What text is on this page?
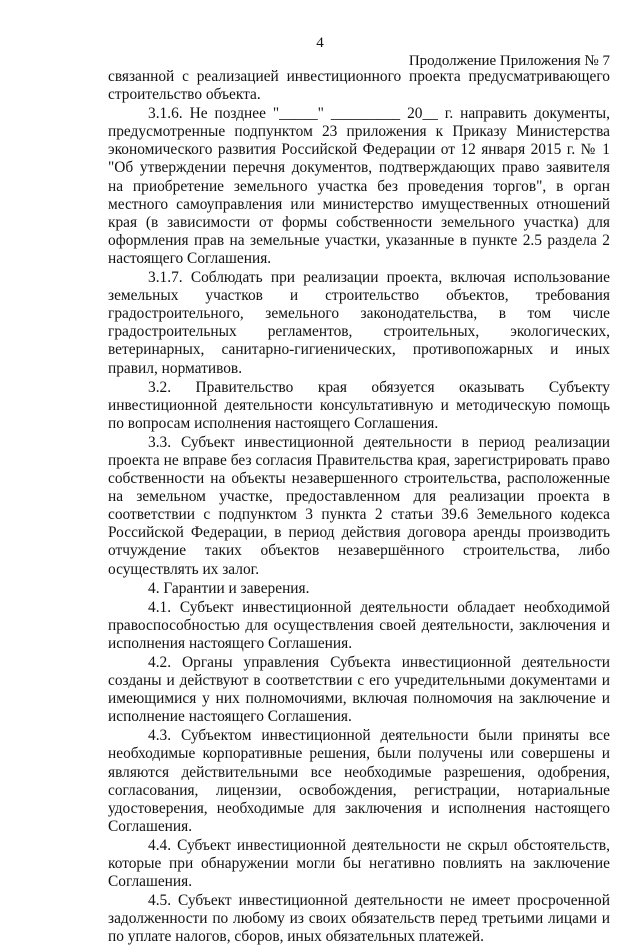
4
Продолжение Приложения № 7

связанной с реализацией инвестиционного проекта предусматривающего строительство объекта.

3.1.6. Не позднее "_____" _________ 20__ г. направить документы, предусмотренные подпунктом 23 приложения к Приказу Министерства экономического развития Российской Федерации от 12 января 2015 г. № 1 "Об утверждении перечня документов, подтверждающих право заявителя на приобретение земельного участка без проведения торгов", в орган местного самоуправления или министерство имущественных отношений края (в зависимости от формы собственности земельного участка) для оформления прав на земельные участки, указанные в пункте 2.5 раздела 2 настоящего Соглашения.

3.1.7. Соблюдать при реализации проекта, включая использование земельных участков и строительство объектов, требования градостроительного, земельного законодательства, в том числе градостроительных регламентов, строительных, экологических, ветеринарных, санитарно-гигиенических, противопожарных и иных правил, нормативов.

3.2. Правительство края обязуется оказывать Субъекту инвестиционной деятельности консультативную и методическую помощь по вопросам исполнения настоящего Соглашения.

3.3. Субъект инвестиционной деятельности в период реализации проекта не вправе без согласия Правительства края, зарегистрировать право собственности на объекты незавершенного строительства, расположенные на земельном участке, предоставленном для реализации проекта в соответствии с подпунктом 3 пункта 2 статьи 39.6 Земельного кодекса Российской Федерации, в период действия договора аренды производить отчуждение таких объектов незавершённого строительства, либо осуществлять их залог.

4. Гарантии и заверения.

4.1. Субъект инвестиционной деятельности обладает необходимой правоспособностью для осуществления своей деятельности, заключения и исполнения настоящего Соглашения.

4.2. Органы управления Субъекта инвестиционной деятельности созданы и действуют в соответствии с его учредительными документами и имеющимися у них полномочиями, включая полномочия на заключение и исполнение настоящего Соглашения.

4.3. Субъектом инвестиционной деятельности были приняты все необходимые корпоративные решения, были получены или совершены и являются действительными все необходимые разрешения, одобрения, согласования, лицензии, освобождения, регистрации, нотариальные удостоверения, необходимые для заключения и исполнения настоящего Соглашения.

4.4. Субъект инвестиционной деятельности не скрыл обстоятельств, которые при обнаружении могли бы негативно повлиять на заключение Соглашения.

4.5. Субъект инвестиционной деятельности не имеет просроченной задолженности по любому из своих обязательств перед третьими лицами и по уплате налогов, сборов, иных обязательных платежей.
